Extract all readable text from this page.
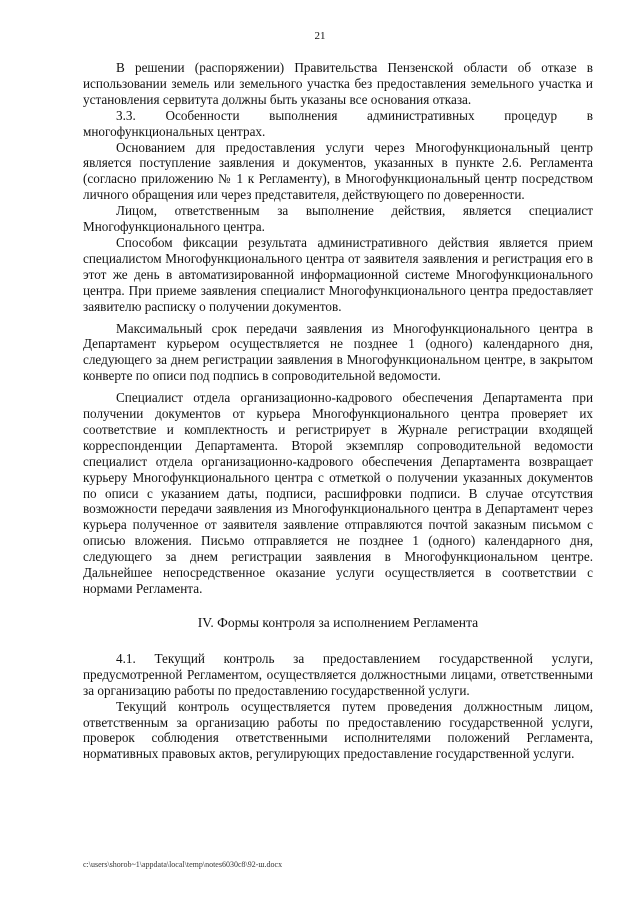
21

В решении (распоряжении) Правительства Пензенской области об отказе в использовании земель или земельного участка без предоставления земельного участка и установления сервитута должны быть указаны все основания отказа.

3.3. Особенности выполнения административных процедур в многофункциональных центрах.

Основанием для предоставления услуги через Многофункциональный центр является поступление заявления и документов, указанных в пункте 2.6. Регламента (согласно приложению № 1 к Регламенту), в Многофункциональный центр посредством личного обращения или через представителя, действующего по доверенности.

Лицом, ответственным за выполнение действия, является специалист Многофункционального центра.

Способом фиксации результата административного действия является прием специалистом Многофункционального центра от заявителя заявления и регистрация его в этот же день в автоматизированной информационной системе Многофункционального центра. При приеме заявления специалист Многофункционального центра предоставляет заявителю расписку о получении документов.

Максимальный срок передачи заявления из Многофункционального центра в Департамент курьером осуществляется не позднее 1 (одного) календарного дня, следующего за днем регистрации заявления в Многофункциональном центре, в закрытом конверте по описи под подпись в сопроводительной ведомости.

Специалист отдела организационно-кадрового обеспечения Департамента при получении документов от курьера Многофункционального центра проверяет их соответствие и комплектность и регистрирует в Журнале регистрации входящей корреспонденции Департамента. Второй экземпляр сопроводительной ведомости специалист отдела организационно-кадрового обеспечения Департамента возвращает курьеру Многофункционального центра с отметкой о получении указанных документов по описи с указанием даты, подписи, расшифровки подписи. В случае отсутствия возможности передачи заявления из Многофункционального центра в Департамент через курьера полученное от заявителя заявление отправляются почтой заказным письмом с описью вложения. Письмо отправляется не позднее 1 (одного) календарного дня, следующего за днем регистрации заявления в Многофункциональном центре. Дальнейшее непосредственное оказание услуги осуществляется в соответствии с нормами Регламента.

IV. Формы контроля за исполнением Регламента

4.1. Текущий контроль за предоставлением государственной услуги, предусмотренной Регламентом, осуществляется должностными лицами, ответственными за организацию работы по предоставлению государственной услуги.

Текущий контроль осуществляется путем проведения должностным лицом, ответственным за организацию работы по предоставлению государственной услуги, проверок соблюдения ответственными исполнителями положений Регламента, нормативных правовых актов, регулирующих предоставление государственной услуги.

c:\users\shorob~1\appdata\local\temp\notes6030c8\92-ш.docx
